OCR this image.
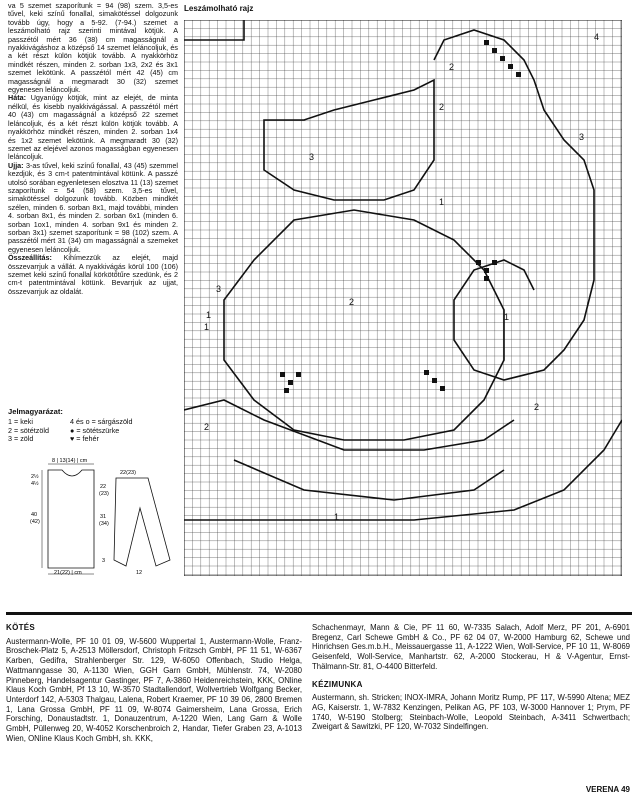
va 5 szemet szaporítunk = 94 (98) szem. 3,5-es tűvel, keki színű fonallal, simakötéssel dolgozunk tovább úgy, hogy a 5-92. (7-94.) szemet a leszámolható rajz szerinti mintával kötjük. A passzétól mért 36 (38) cm magasságnál a nyakkivágáshoz a középső 14 szemet leláncoljuk, és a két részt külön kötjük tovább. A nyakkörhöz mindkét részen, minden 2. sorban 1x3, 2x2 és 3x1 szemet lekötünk. A passzétól mért 42 (45) cm magasságnál a megmaradt 30 (32) szemet egyenesen leláncoljuk.

Háta: Ugyanúgy kötjük, mint az elejét, de minta nélkül, és kisebb nyakkivágással. A passzétól mért 40 (43) cm magasságnál a középső 22 szemet leláncoljuk, és a két részt külön kötjük tovább. A nyakkörhöz mindkét részen, minden 2. sorban 1x4 és 1x2 szemet lekötünk. A megmaradt 30 (32) szemet az elejével azonos magasságban egyenesen leláncoljuk.

Ujja: 3-as tűvel, keki színű fonallal, 43 (45) szemmel kezdjük, és 3 cm-t patentmintával kötünk. A passzé utolsó sorában egyenletesen elosztva 11 (13) szemet szaporítunk = 54 (58) szem. 3,5-es tűvel, simakötéssel dolgozunk tovább. Közben mindkét szélen, minden 6. sorban 8x1, majd további, minden 4. sorban 8x1, és minden 2. sorban 6x1 (minden 6. sorban 1ox1, minden 4. sorban 9x1 és minden 2. sorban 3x1) szemet szaporítunk = 98 (102) szem. A passzétól mért 31 (34) cm magasságnál a szemeket egyenesen leláncoljuk.

Összeállítás: Kihímezzük az elejét, majd összevarrjuk a vállát. A nyakkivágás körül 100 (106) szemet keki színű fonallal körkötőtűre szedünk, és 2 cm-t patentmintával kötünk. Bevarrjuk az ujjat, összevarrjuk az oldalát.

Jelmagyarázat:
1 = keki	4 és o = sárgászöld
2 = sötétzöld	● = sötétszürke
3 = zöld	♥ = fehér
8 | 13(14) | cm
2½
4½
40
(42)
21(22) | cm
22(23)
22
(23)
31
(34)
3
12
Leszámolható rajz
1
2
3
2
3
3
1
2
1
2
1
1
4
2
KÖTÉS

Austermann-Wolle, PF 10 01 09, W-5600 Wuppertal 1, Austermann-Wolle, Franz-Broschek-Platz 5, A-2513 Möllersdorf, Christoph Fritzsch GmbH, PF 11 51, W-6367 Karben, Gedifra, Strahlenberger Str. 129, W-6050 Offenbach, Studio Helga, Wattmanngasse 30, A-1130 Wien, GGH Garn GmbH, Mühlenstr. 74, W-2080 Pinneberg, Handelsagentur Gastinger, PF 7, A-3860 Heidenreichstein, KKK, ONline Klaus Koch GmbH, Pf 13 10, W-3570 Stadtallendorf, Wollvertrieb Wolfgang Becker, Unterdorf 142, A-5303 Thalgau, Lalena, Robert Kraemer, PF 10 39 06, 2800 Bremen 1, Lana Grossa GmbH, PF 11 09, W-8074 Gaimersheim, Lana Grossa, Erich Forsching, Donaustadtstr. 1, Donauzentrum, A-1220 Wien, Lang Garn & Wolle GmbH, Püllenweg 20, W-4052 Korschenbroich 2, Handar, Tiefer Graben 23, A-1013 Wien, ONline Klaus Koch GmbH, sh. KKK,

Schachenmayr, Mann & Cie, PF 11 60, W-7335 Salach, Adolf Merz, PF 201, A-6901 Bregenz, Carl Schewe GmbH & Co., PF 62 04 07, W-2000 Hamburg 62, Schewe und Hinrichsen Ges.m.b.H., Meissauergasse 11, A-1222 Wien, Woll-Service, PF 10 11, W-8069 Geisenfeld, Woll-Service, Manhartstr. 62, A-2000 Stockerau, H & V-Agentur, Ernst-Thälmann-Str. 81, O-4400 Bitterfeld.

KÉZIMUNKA

Austermann, sh. Stricken; INOX-IMRA, Johann Moritz Rump, PF 117, W-5990 Altena; MEZ AG, Kaiserstr. 1, W-7832 Kenzingen, Pelikan AG, PF 103, W-3000 Hannover 1; Prym, PF 1740, W-5190 Stolberg; Steinbach-Wolle, Leopold Steinbach, A-3411 Schwertbach; Zweigart & Sawitzki, PF 120, W-7032 Sindelfingen.

VERENA 49
